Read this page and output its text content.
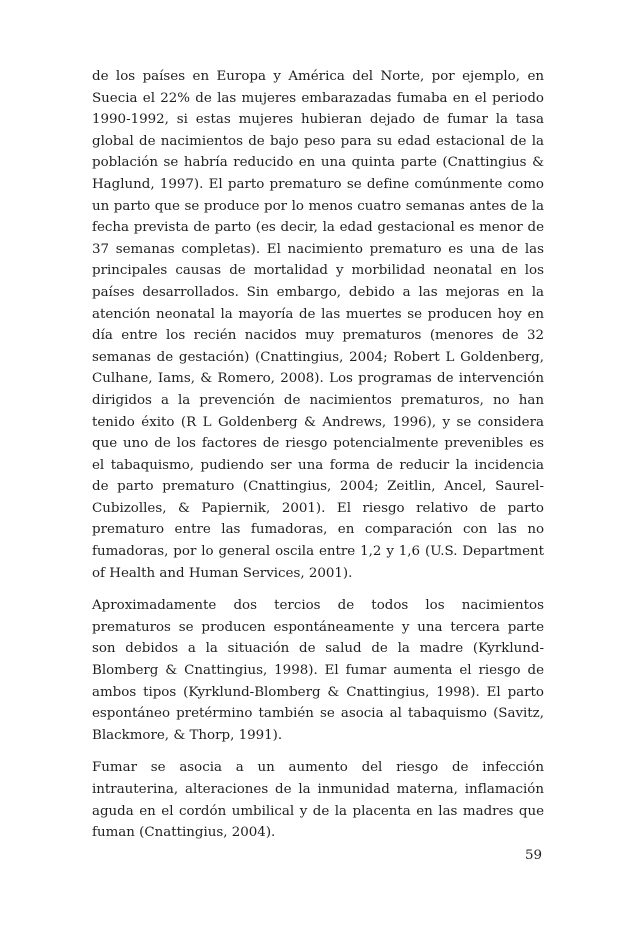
de los países en Europa y América del Norte, por ejemplo, en Suecia el 22% de las mujeres embarazadas fumaba en el periodo 1990-1992, si estas mujeres hubieran dejado de fumar la tasa global de nacimientos de bajo peso para su edad estacional de la población se habría reducido en una quinta parte (Cnattingius & Haglund, 1997). El parto prematuro se define comúnmente como un parto que se produce por lo menos cuatro semanas antes de la fecha prevista de parto (es decir, la edad gestacional es menor de 37 semanas completas). El nacimiento prematuro es una de las principales causas de mortalidad y morbilidad neonatal en los países desarrollados. Sin embargo, debido a las mejoras en la atención neonatal la mayoría de las muertes se producen hoy en día entre los recién nacidos muy prematuros (menores de 32 semanas de gestación) (Cnattingius, 2004; Robert L Goldenberg, Culhane, Iams, & Romero, 2008). Los programas de intervención dirigidos a la prevención de nacimientos prematuros, no han tenido éxito (R L Goldenberg & Andrews, 1996), y se considera que uno de los factores de riesgo potencialmente prevenibles es el tabaquismo, pudiendo ser una forma de reducir la incidencia de parto prematuro (Cnattingius, 2004; Zeitlin, Ancel, Saurel-Cubizolles, & Papiernik, 2001). El riesgo relativo de parto prematuro entre las fumadoras, en comparación con las no fumadoras, por lo general oscila entre 1,2 y 1,6 (U.S. Department of Health and Human Services, 2001).

Aproximadamente dos tercios de todos los nacimientos prematuros se producen espontáneamente y una tercera parte son debidos a la situación de salud de la madre (Kyrklund-Blomberg & Cnattingius, 1998). El fumar aumenta el riesgo de ambos tipos (Kyrklund-Blomberg & Cnattingius, 1998). El parto espontáneo pretérmino también se asocia al tabaquismo (Savitz, Blackmore, & Thorp, 1991).

Fumar se asocia a un aumento del riesgo de infección intrauterina, alteraciones de la inmunidad materna, inflamación aguda en el cordón umbilical y de la placenta en las madres que fuman (Cnattingius, 2004).

59
